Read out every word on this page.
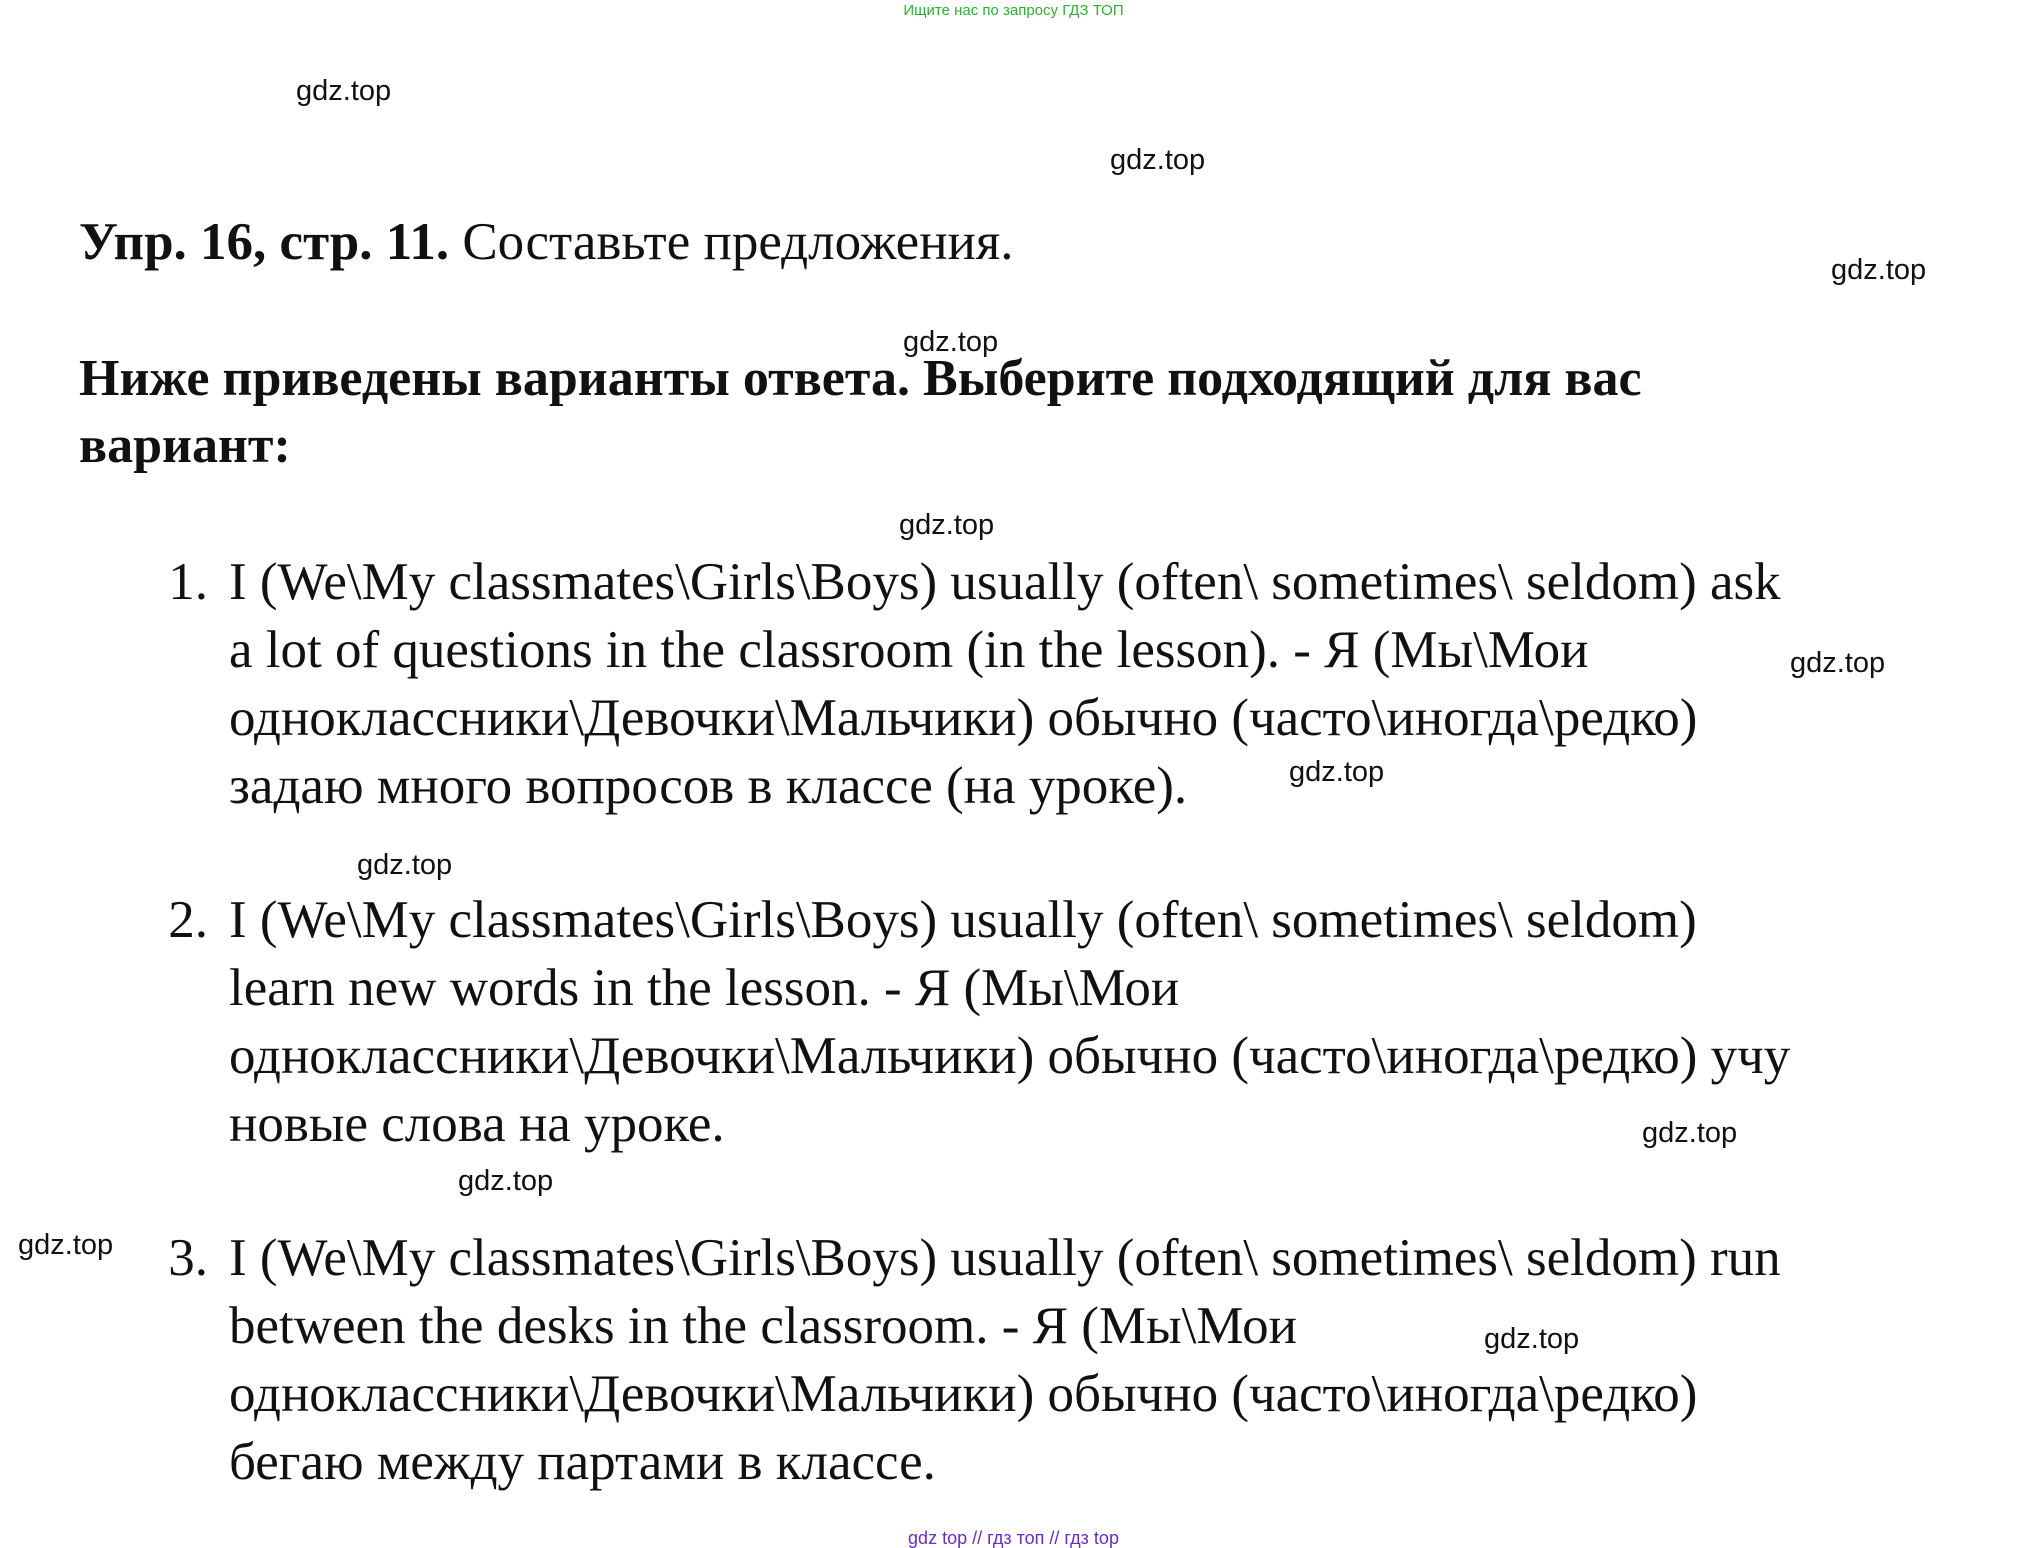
Ищите нас по запросу ГДЗ ТОП
gdz.top
gdz.top
gdz.top
gdz.top
gdz.top
gdz.top
gdz.top
gdz.top
gdz.top
gdz.top
gdz.top
gdz.top
Упр. 16, стр. 11. Составьте предложения.
Ниже приведены варианты ответа. Выберите подходящий для вас
вариант:
1. I (We\My classmates\Girls\Boys) usually (often\ sometimes\ seldom) ask
a lot of questions in the classroom (in the lesson). - Я (Мы\Мои
одноклассники\Девочки\Мальчики) обычно (часто\иногда\редко)
задаю много вопросов в классе (на уроке).
2. I (We\My classmates\Girls\Boys) usually (often\ sometimes\ seldom)
learn new words in the lesson. - Я (Мы\Мои
одноклассники\Девочки\Мальчики) обычно (часто\иногда\редко) учу
новые слова на уроке.
3. I (We\My classmates\Girls\Boys) usually (often\ sometimes\ seldom) run
between the desks in the classroom. - Я (Мы\Мои
одноклассники\Девочки\Мальчики) обычно (часто\иногда\редко)
бегаю между партами в классе.
gdz top // гдз топ // гдз top
